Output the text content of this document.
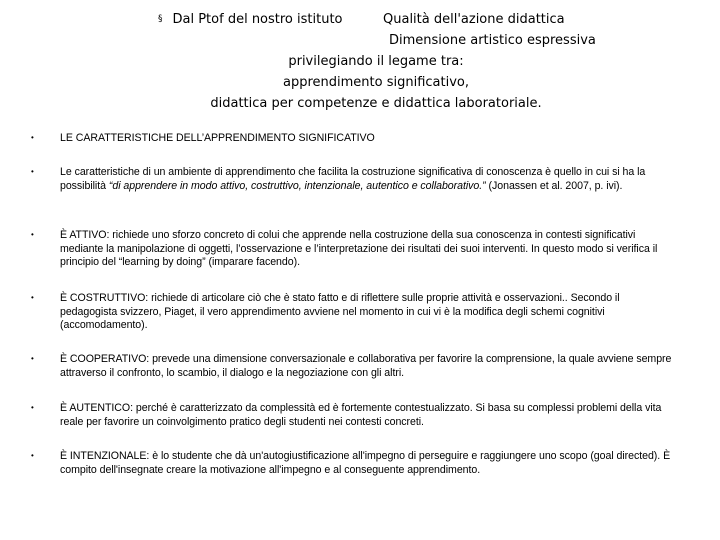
§ Dal Ptof del nostro istituto	Qualità dell'azione didattica
Dimensione artistico espressiva
privilegiando il legame tra:
apprendimento significativo,
didattica per competenze e didattica laboratoriale.
• LE CARATTERISTICHE DELL’APPRENDIMENTO SIGNIFICATIVO
• Le caratteristiche di un ambiente di apprendimento che facilita la costruzione significativa di conoscenza è quello in cui si ha la possibilità “di apprendere in modo attivo, costruttivo, intenzionale, autentico e collaborativo.” (Jonassen et al. 2007, p. ivi).
• È ATTIVO: richiede uno sforzo concreto di colui che apprende nella costruzione della sua conoscenza in contesti significativi mediante la manipolazione di oggetti, l’osservazione e l’interpretazione dei risultati dei suoi interventi. In questo modo si verifica il principio del “learning by doing” (imparare facendo).
• È COSTRUTTIVO: richiede di articolare ciò che è stato fatto e di riflettere sulle proprie attività e osservazioni.. Secondo il pedagogista svizzero, Piaget, il vero apprendimento avviene nel momento in cui vi è la modifica degli schemi cognitivi (accomodamento).
• È COOPERATIVO: prevede una dimensione conversazionale e collaborativa per favorire la comprensione, la quale avviene sempre attraverso il confronto, lo scambio, il dialogo e la negoziazione con gli altri.
• È AUTENTICO: perché è caratterizzato da complessità ed è fortemente contestualizzato. Si basa su complessi problemi della vita reale per favorire un coinvolgimento pratico degli studenti nei contesti concreti.
• È INTENZIONALE: è lo studente che dà un'autogiustificazione all'impegno di perseguire e raggiungere uno scopo (goal directed). È compito dell'insegnate creare la motivazione all'impegno e al conseguente apprendimento.
